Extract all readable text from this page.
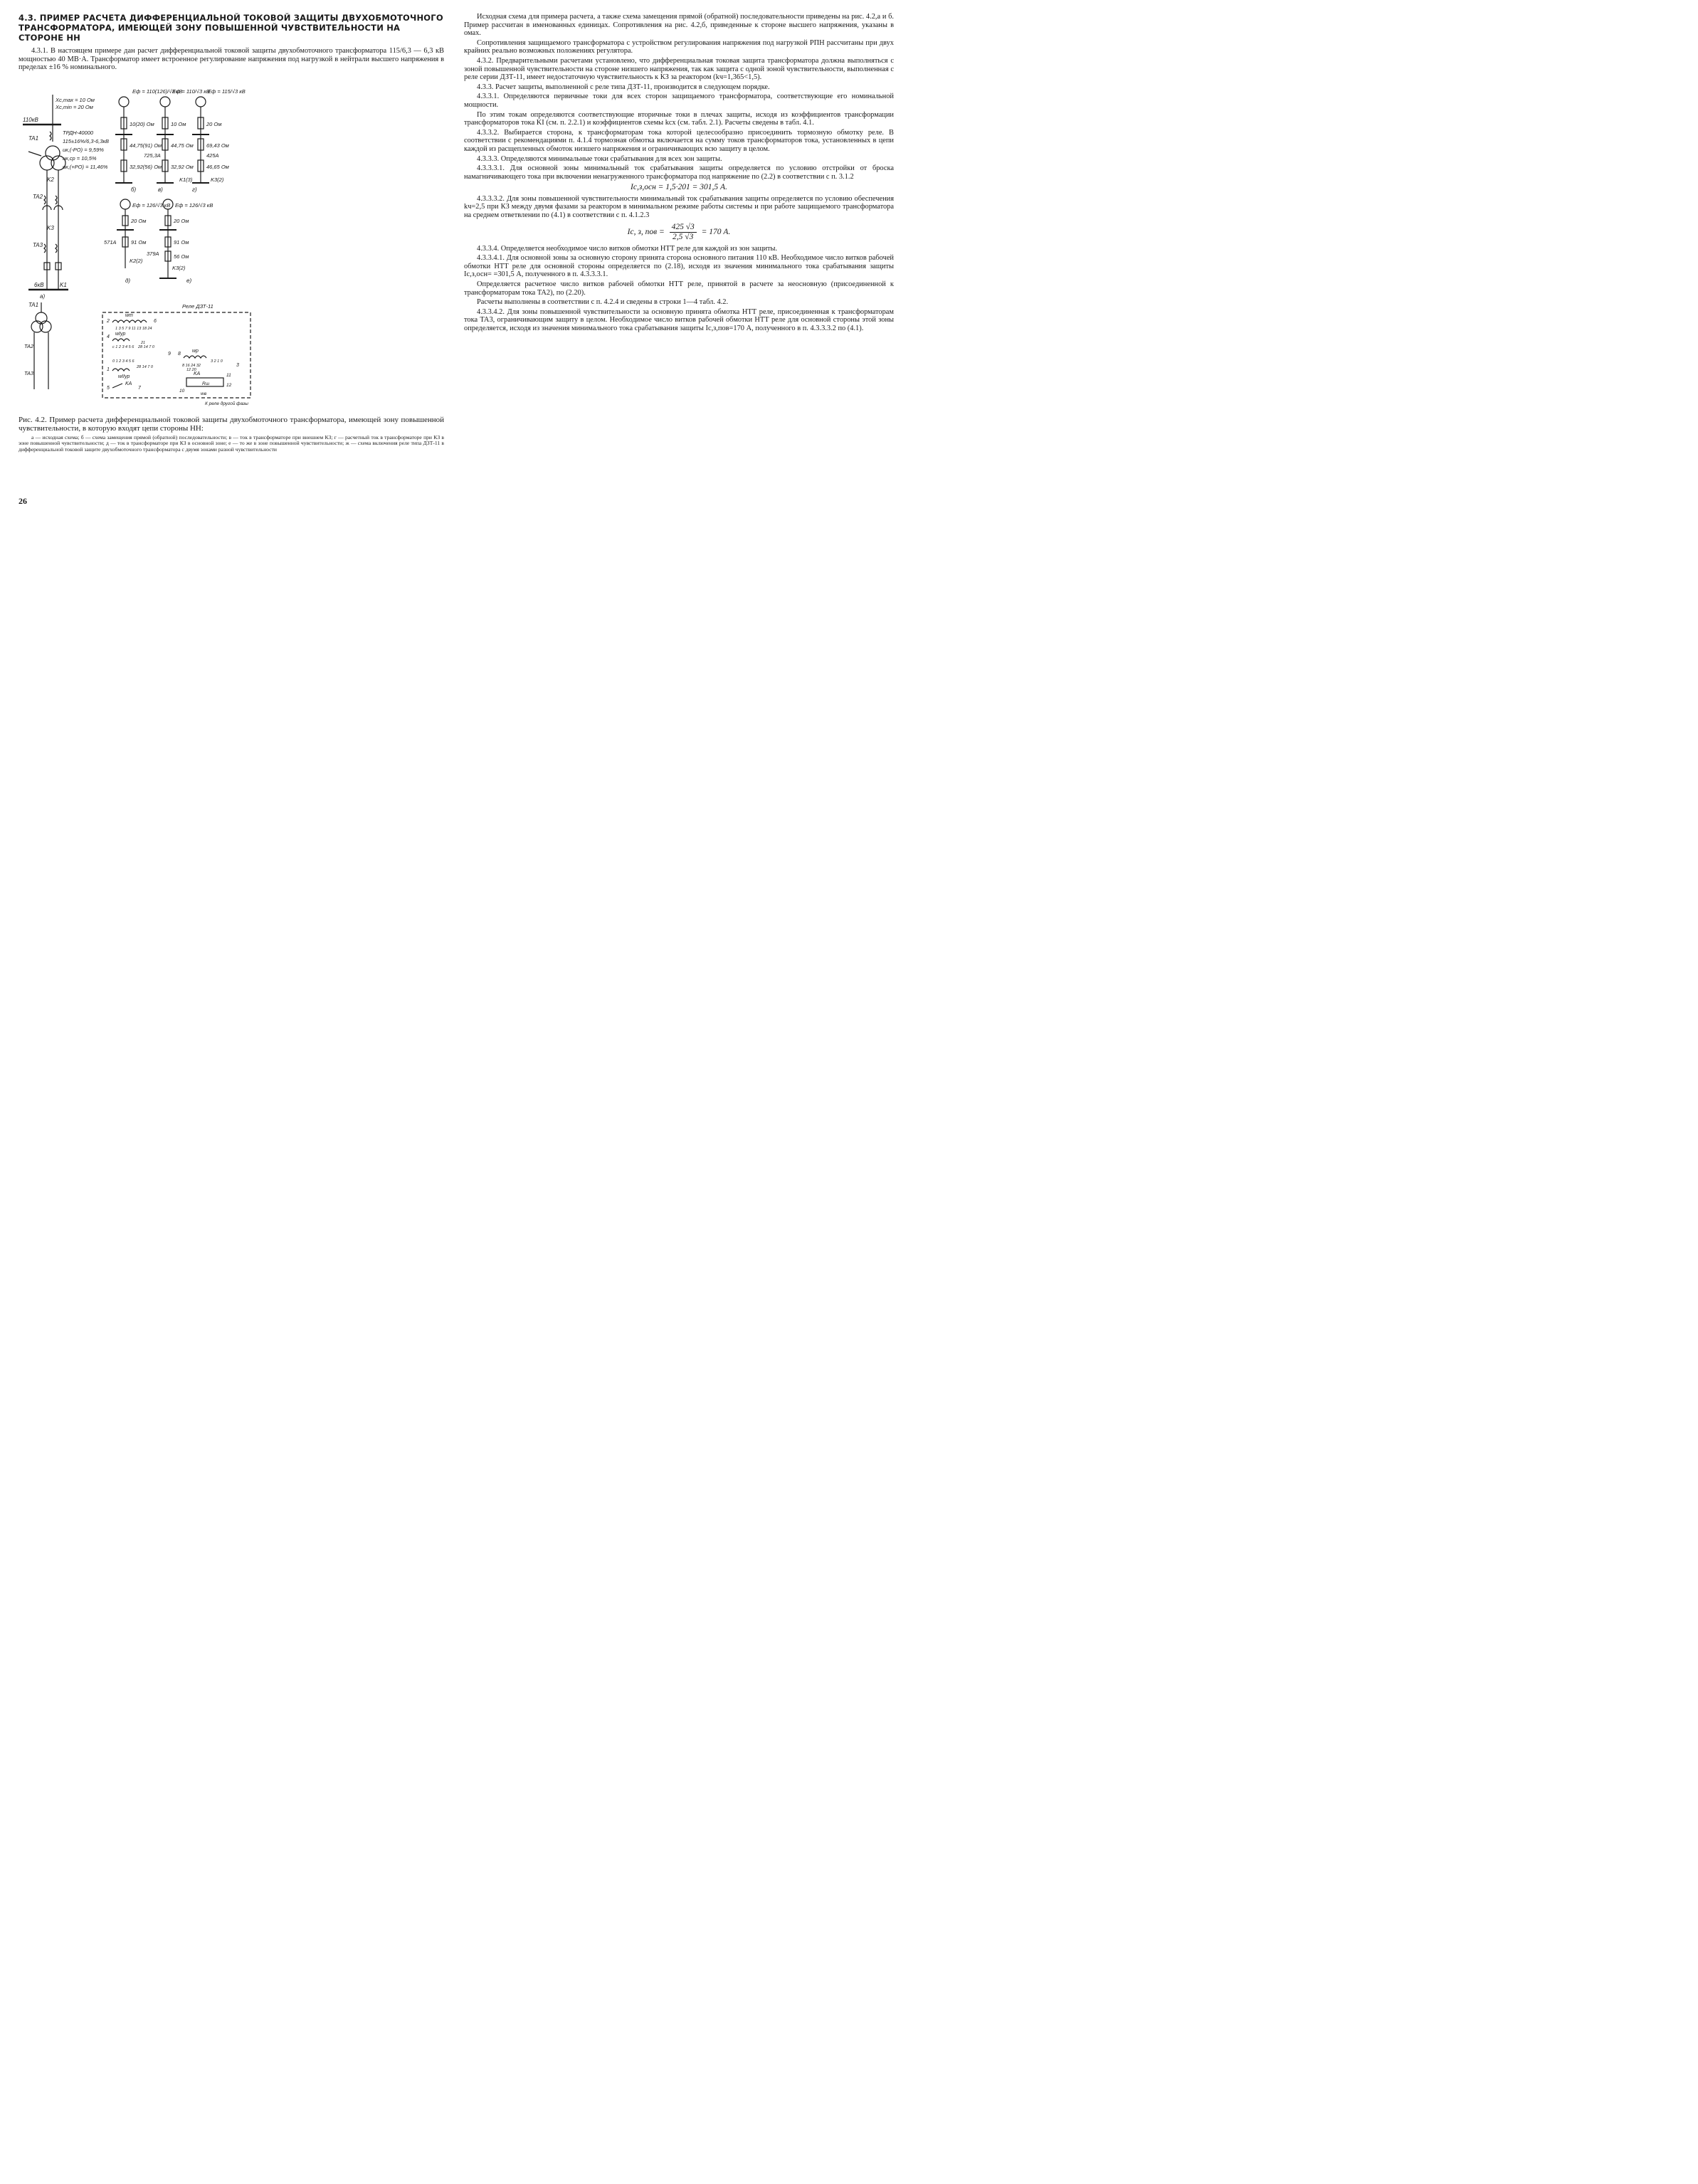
4.3. ПРИМЕР РАСЧЕТА ДИФФЕРЕНЦИАЛЬНОЙ ТОКОВОЙ ЗАЩИТЫ ДВУХОБМОТОЧНОГО ТРАНСФОРМАТОРА, ИМЕЮЩЕЙ ЗОНУ ПОВЫШЕННОЙ ЧУВСТВИТЕЛЬНОСТИ НА СТОРОНЕ НН

4.3.1. В настоящем примере дан расчет дифференциальной токовой защиты двухобмоточного трансформатора 115/6,3 — 6,3 кВ мощностью 40 МВ·А. Трансформатор имеет встроенное регулирование напряжения под нагрузкой в нейтрали высшего напряжения в пределах ±16 % номинального.

Xc,max = 10 Ом
Xc,min = 20 Ом
110кВ
TA1
ТРДН-40000
115±16%/6,3-6,3кВ
uк,(-РО) = 9,59%
uк,ср = 10,5%
uк,(+РО) = 11,46%
K2
TA2
K3
TA3
6кВ	K1
а)
Eф = 110(126)/√3 кВ
10(20) Ом
44,75(91) Ом
32,92(56) Ом
б)
Eф = 110/√3 кВ
10 Ом
44,75 Ом
725,3А
32,92 Ом
K1(3)
в)
Eф = 115/√3 кВ
20 Ом
69,43 Ом
425А
46,65 Ом
K3(2)
г)
Eф = 126/√3 кВ
20 Ом
91 Ом
571А
K2(2)
д)
Eф = 126/√3 кВ
20 Ом
91 Ом
379А	56 Ом
K3(2)
е)
TA1
TA2
TA3
Реле ДЗТ-11
2
wт
6
1 3 5 7 9 11 13 18 24
4
wIур
c 1 2 3 4 5 6
21
28 14 7 0
9 8
wр
3 2 1 0
0 1 2 3 4 5 6
28 14 7 0	8 16 24 32
12 20
1
wIIур
3
KA
Rш
11
12
10
wв
5
KA
7
К реле другой фазы

Рис. 4.2. Пример расчета дифференциальной токовой защиты двухобмоточного трансформатора, имеющей зону повышенной чувствительности, в которую входят цепи стороны НН:

а — исходная схема; б — схема замещения прямой (обратной) последовательности; в — ток в трансформаторе при внешнем КЗ; г — расчетный ток в трансформаторе при КЗ в зоне повышенной чувствительности; д — ток в трансформаторе при КЗ в основной зоне; е — то же в зоне повышенной чувствительности; ж — схема включения реле типа ДЗТ-11 в дифференциальной токовой защите двухобмоточного трансформатора с двумя зонами разной чувствительности

Исходная схема для примера расчета, а также схема замещения прямой (обратной) последовательности приведены на рис. 4.2,а и б. Пример рассчитан в именованных единицах. Сопротивления на рис. 4.2,б, приведенные к стороне высшего напряжения, указаны в омах.

Сопротивления защищаемого трансформатора с устройством регулирования напряжения под нагрузкой РПН рассчитаны при двух крайних реально возможных положениях регулятора.

4.3.2. Предварительными расчетами установлено, что дифференциальная токовая защита трансформатора должна выполняться с зоной повышенной чувствительности на стороне низшего напряжения, так как защита с одной зоной чувствительности, выполненная с реле серии ДЗТ-11, имеет недостаточную чувствительность к КЗ за реактором (kч=1,365<1,5).

4.3.3. Расчет защиты, выполненной с реле типа ДЗТ-11, производится в следующем порядке.

4.3.3.1. Определяются первичные токи для всех сторон защищаемого трансформатора, соответствующие его номинальной мощности.

По этим токам определяются соответствующие вторичные токи в плечах защиты, исходя из коэффициентов трансформации трансформаторов тока KI (см. п. 2.2.1) и коэффициентов схемы kсх (см. табл. 2.1). Расчеты сведены в табл. 4.1.

4.3.3.2. Выбирается сторона, к трансформаторам тока которой целесообразно присоединить тормозную обмотку реле. В соответствии с рекомендациями п. 4.1.4 тормозная обмотка включается на сумму токов трансформаторов тока, установленных в цепи каждой из расщепленных обмоток низшего напряжения и ограничивающих всю защиту в целом.

4.3.3.3. Определяются минимальные токи срабатывания для всех зон защиты.

4.3.3.3.1. Для основной зоны минимальный ток срабатывания защиты определяется по условию отстройки от броска намагничивающего тока при включении ненагруженного трансформатора под напряжение по (2.2) в соответствии с п. 3.1.2

Iс,з,осн = 1,5·201 = 301,5 А.

4.3.3.3.2. Для зоны повышенной чувствительности минимальный ток срабатывания защиты определяется по условию обеспечения kч=2,5 при КЗ между двумя фазами за реактором в минимальном режиме работы системы и при работе защищаемого трансформатора на среднем ответвлении по (4.1) в соответствии с п. 4.1.2.3

Iс, з, пов = $\frac{425 √3}{2,5 √3} = 170$ А.

4.3.3.4. Определяется необходимое число витков обмотки НТТ реле для каждой из зон защиты.

4.3.3.4.1. Для основной зоны за основную сторону принята сторона основного питания 110 кВ. Необходимое число витков рабочей обмотки НТТ реле для основной стороны определяется по (2.18), исходя из значения минимального тока срабатывания защиты Iс,з,осн= =301,5 А, полученного в п. 4.3.3.3.1.

Определяется расчетное число витков рабочей обмотки НТТ реле, принятой в расчете за неосновную (присоединенной к трансформаторам тока TA2), по (2.20).

Расчеты выполнены в соответствии с п. 4.2.4 и сведены в строки 1—4 табл. 4.2.

4.3.3.4.2. Для зоны повышенной чувствительности за основную принята обмотка НТТ реле, присоединенная к трансформаторам тока TA3, ограничивающим защиту в целом. Необходимое число витков рабочей обмотки НТТ реле для основной стороны этой зоны определяется, исходя из значения минимального тока срабатывания защиты Iс,з,пов=170 А, полученного в п. 4.3.3.3.2 по (4.1).

26
